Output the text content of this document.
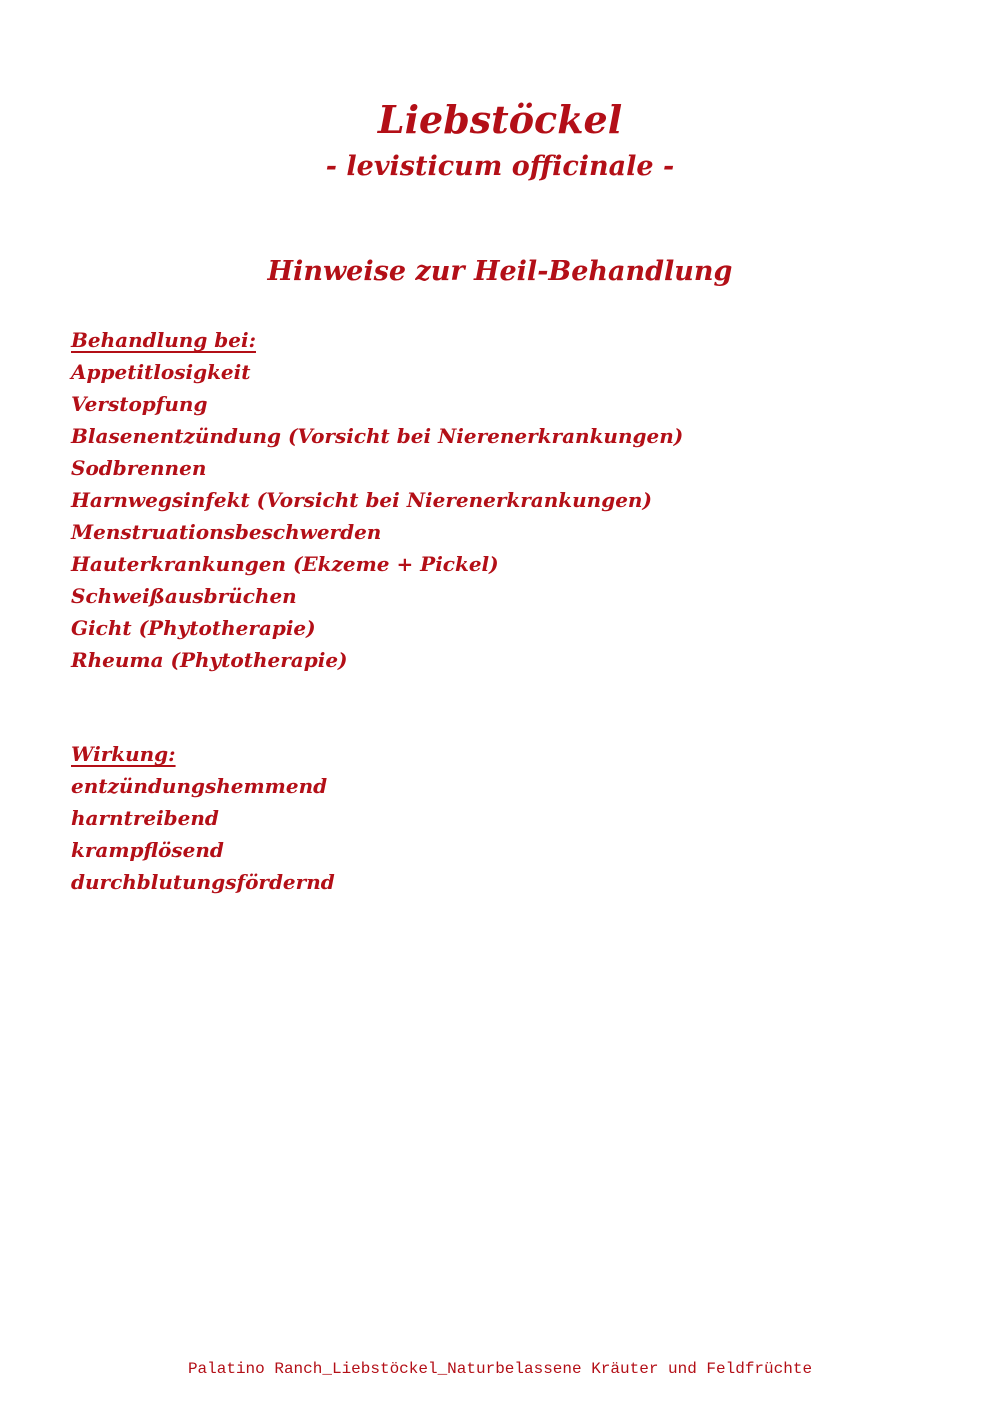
Liebstöckel
- levisticum officinale -
Hinweise zur Heil-Behandlung
Behandlung bei:
Appetitlosigkeit
Verstopfung
Blasenentzündung (Vorsicht bei Nierenerkrankungen)
Sodbrennen
Harnwegsinfekt (Vorsicht bei Nierenerkrankungen)
Menstruationsbeschwerden
Hauterkrankungen (Ekzeme + Pickel)
Schweißausbrüchen
Gicht (Phytotherapie)
Rheuma (Phytotherapie)
Wirkung:
entzündungshemmend
harntreibend
krampflösend
durchblutungsfördernd
Palatino Ranch_Liebstöckel_Naturbelassene Kräuter und Feldfrüchte
